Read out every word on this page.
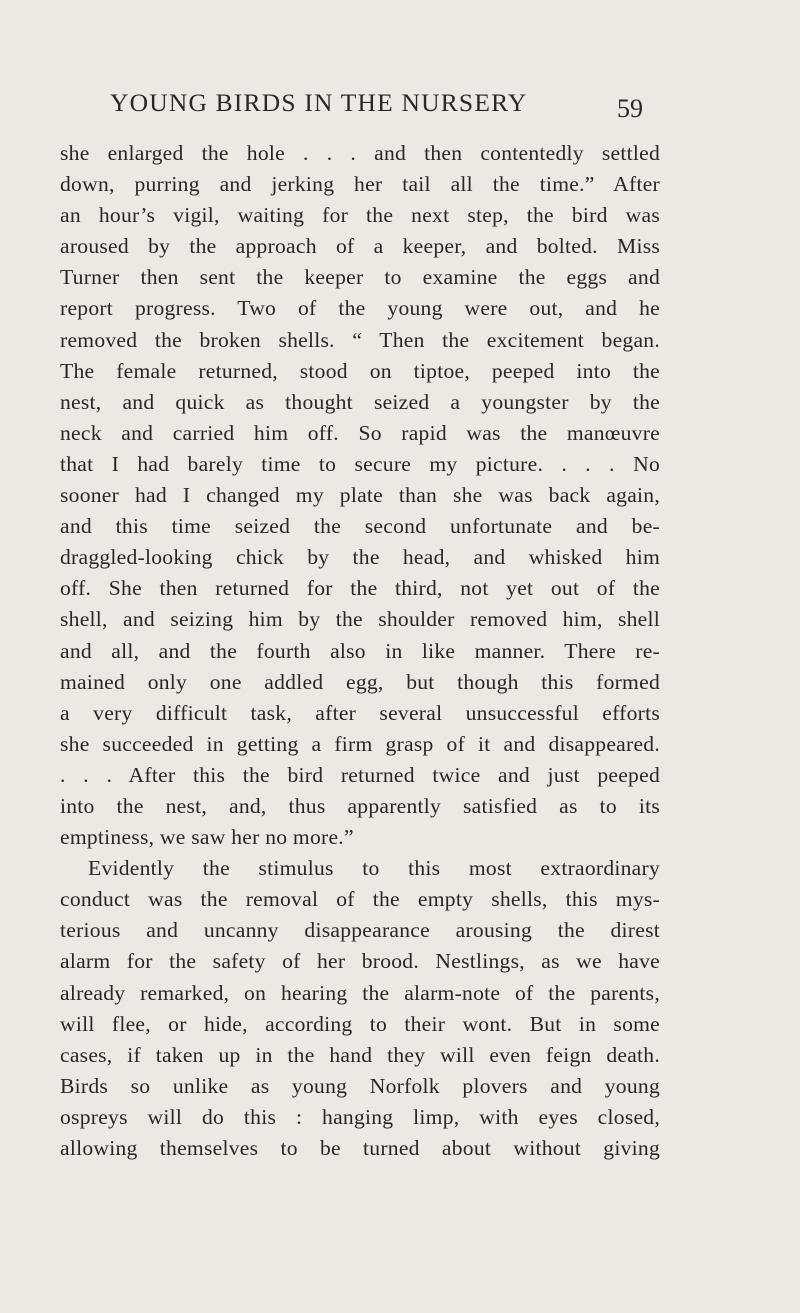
YOUNG BIRDS IN THE NURSERY	59
she enlarged the hole . . . and then contentedly settled
down, purring and jerking her tail all the time.” After
an hour’s vigil, waiting for the next step, the bird was
aroused by the approach of a keeper, and bolted. Miss
Turner then sent the keeper to examine the eggs and
report progress. Two of the young were out, and he
removed the broken shells. “ Then the excitement began.
The female returned, stood on tiptoe, peeped into the
nest, and quick as thought seized a youngster by the
neck and carried him off. So rapid was the manœuvre
that I had barely time to secure my picture. . . . No
sooner had I changed my plate than she was back again,
and this time seized the second unfortunate and be-
draggled-looking chick by the head, and whisked him
off. She then returned for the third, not yet out of the
shell, and seizing him by the shoulder removed him, shell
and all, and the fourth also in like manner. There re-
mained only one addled egg, but though this formed
a very difficult task, after several unsuccessful efforts
she succeeded in getting a firm grasp of it and disappeared.
. . . After this the bird returned twice and just peeped
into the nest, and, thus apparently satisfied as to its
emptiness, we saw her no more.”
Evidently the stimulus to this most extraordinary
conduct was the removal of the empty shells, this mys-
terious and uncanny disappearance arousing the direst
alarm for the safety of her brood. Nestlings, as we have
already remarked, on hearing the alarm-note of the parents,
will flee, or hide, according to their wont. But in some
cases, if taken up in the hand they will even feign death.
Birds so unlike as young Norfolk plovers and young
ospreys will do this : hanging limp, with eyes closed,
allowing themselves to be turned about without giving
